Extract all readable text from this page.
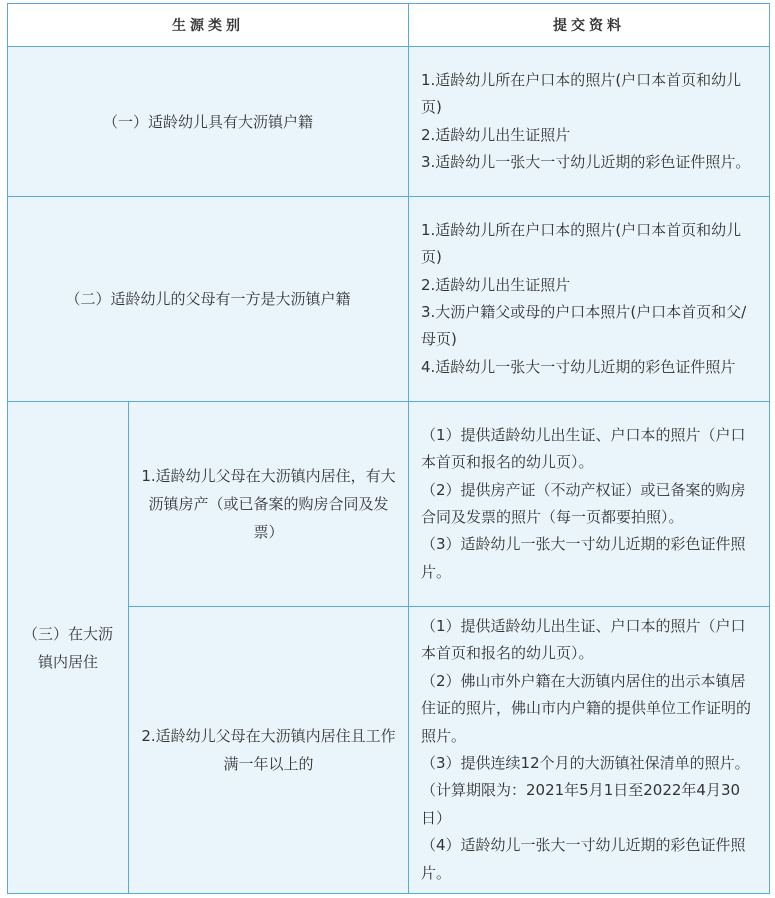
生源类别		提交资料
（一）适龄幼儿具有大沥镇户籍		1.适龄幼儿所在户口本的照片(户口本首页和幼儿页)
2.适龄幼儿出生证照片
3.适龄幼儿一张大一寸幼儿近期的彩色证件照片。

（二）适龄幼儿的父母有一方是大沥镇户籍		1.适龄幼儿所在户口本的照片(户口本首页和幼儿页)
2.适龄幼儿出生证照片
3.大沥户籍父或母的户口本照片(户口本首页和父/母页)
4.适龄幼儿一张大一寸幼儿近期的彩色证件照片

（三）在大沥镇内居住	1.适龄幼儿父母在大沥镇内居住，有大沥镇房产（或已备案的购房合同及发票）	（1）提供适龄幼儿出生证、户口本的照片（户口本首页和报名的幼儿页）。
（2）提供房产证（不动产权证）或已备案的购房合同及发票的照片（每一页都要拍照）。
（3）适龄幼儿一张大一寸幼儿近期的彩色证件照片。

	2.适龄幼儿父母在大沥镇内居住且工作满一年以上的	（1）提供适龄幼儿出生证、户口本的照片（户口本首页和报名的幼儿页）。
（2）佛山市外户籍在大沥镇内居住的出示本镇居住证的照片，佛山市内户籍的提供单位工作证明的照片。
（3）提供连续12个月的大沥镇社保清单的照片。（计算期限为：2021年5月1日至2022年4月30日）
（4）适龄幼儿一张大一寸幼儿近期的彩色证件照片。
